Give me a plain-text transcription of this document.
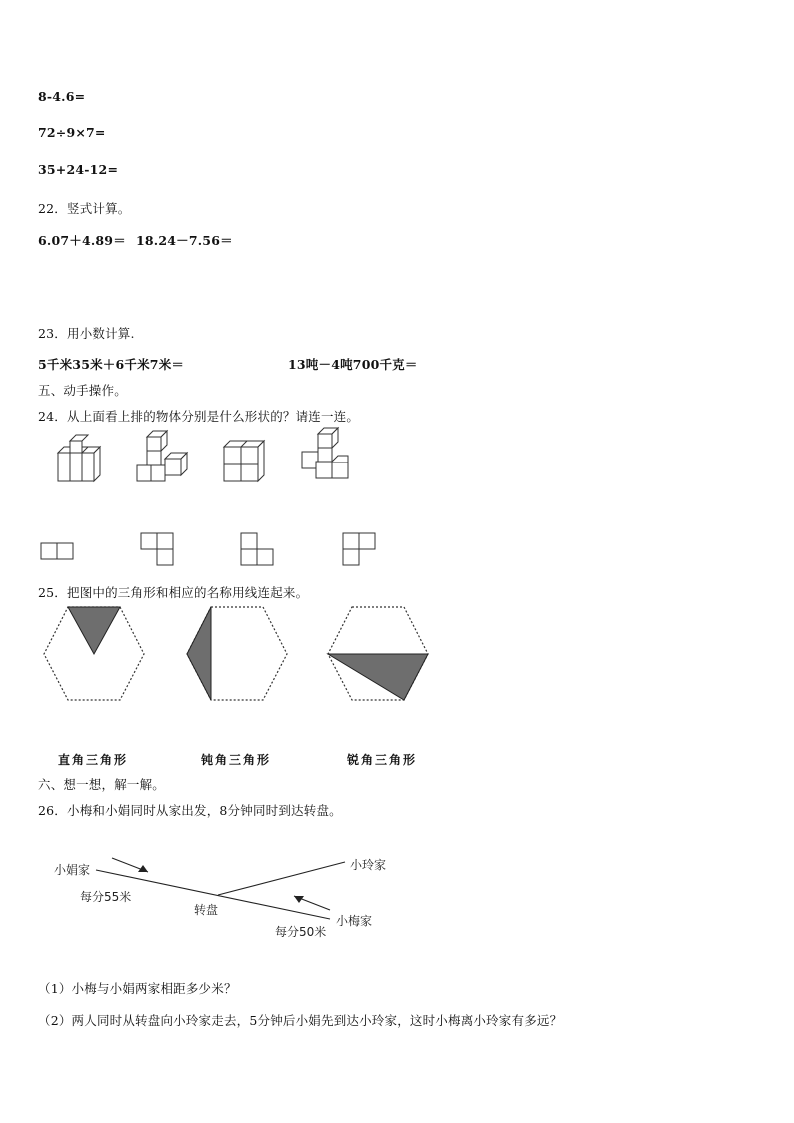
8-4.6=
72÷9×7=
35+24-12=
22．竖式计算。
6.07＋4.89＝ 18.24－7.56＝
23．用小数计算.
5千米35米＋6千米7米＝	13吨－4吨700千克＝
五、动手操作。
24．从上面看上排的物体分别是什么形状的？请连一连。
25．把图中的三角形和相应的名称用线连起来。
直角三角形	钝角三角形	锐角三角形
六、想一想，解一解。
26．小梅和小娟同时从家出发，8分钟同时到达转盘。
小娟家	小玲家
小梅家
转盘
每分55米
每分50米
（1）小梅与小娟两家相距多少米？
（2）两人同时从转盘向小玲家走去，5分钟后小娟先到达小玲家，这时小梅离小玲家有多远？
